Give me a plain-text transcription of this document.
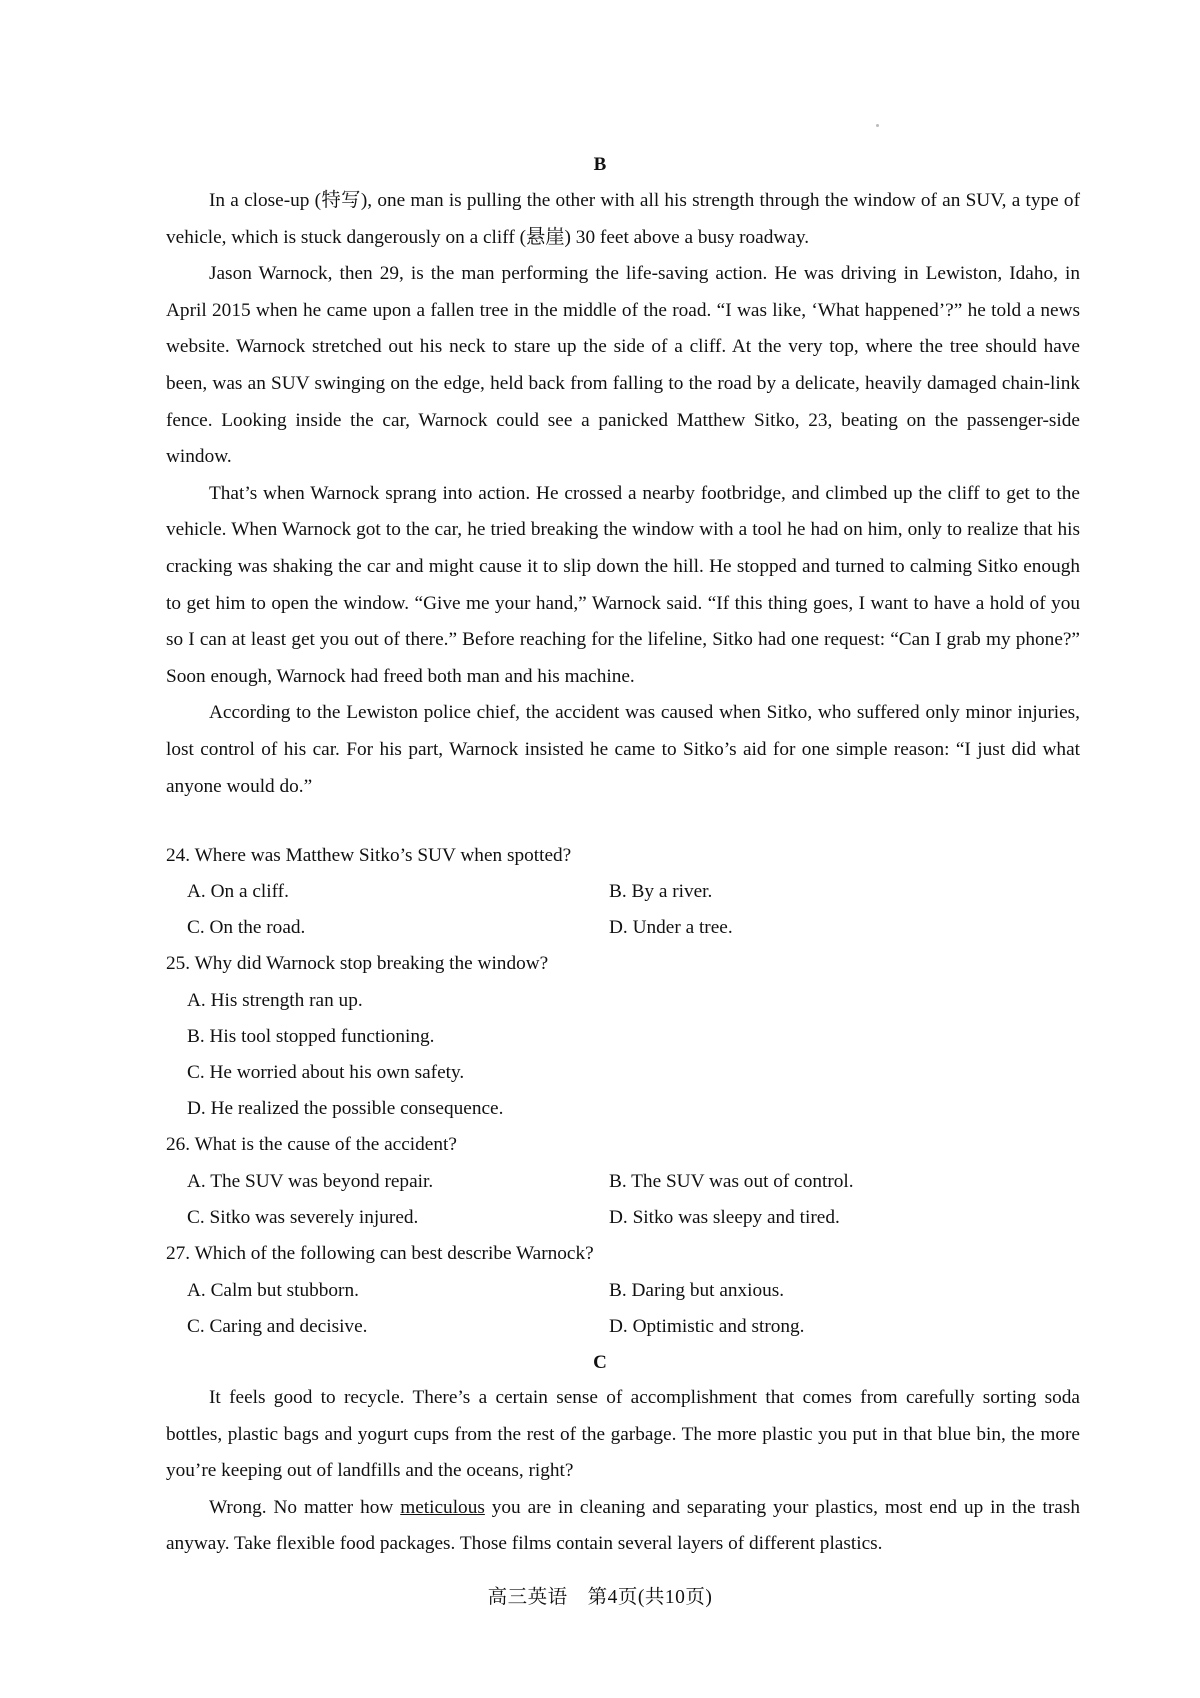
B

In a close-up (特写), one man is pulling the other with all his strength through the window of an SUV, a type of vehicle, which is stuck dangerously on a cliff (悬崖) 30 feet above a busy roadway.

Jason Warnock, then 29, is the man performing the life-saving action. He was driving in Lewiston, Idaho, in April 2015 when he came upon a fallen tree in the middle of the road. “I was like, ‘What happened’?” he told a news website. Warnock stretched out his neck to stare up the side of a cliff. At the very top, where the tree should have been, was an SUV swinging on the edge, held back from falling to the road by a delicate, heavily damaged chain-link fence. Looking inside the car, Warnock could see a panicked Matthew Sitko, 23, beating on the passenger-side window.

That’s when Warnock sprang into action. He crossed a nearby footbridge, and climbed up the cliff to get to the vehicle. When Warnock got to the car, he tried breaking the window with a tool he had on him, only to realize that his cracking was shaking the car and might cause it to slip down the hill. He stopped and turned to calming Sitko enough to get him to open the window. “Give me your hand,” Warnock said. “If this thing goes, I want to have a hold of you so I can at least get you out of there.” Before reaching for the lifeline, Sitko had one request: “Can I grab my phone?” Soon enough, Warnock had freed both man and his machine.

According to the Lewiston police chief, the accident was caused when Sitko, who suffered only minor injuries, lost control of his car. For his part, Warnock insisted he came to Sitko’s aid for one simple reason: “I just did what anyone would do.”

24. Where was Matthew Sitko’s SUV when spotted?
A. On a cliff.	B. By a river.
C. On the road.	D. Under a tree.
25. Why did Warnock stop breaking the window?
A. His strength ran up.
B. His tool stopped functioning.
C. He worried about his own safety.
D. He realized the possible consequence.
26. What is the cause of the accident?
A. The SUV was beyond repair.	B. The SUV was out of control.
C. Sitko was severely injured.	D. Sitko was sleepy and tired.
27. Which of the following can best describe Warnock?
A. Calm but stubborn.	B. Daring but anxious.
C. Caring and decisive.	D. Optimistic and strong.
C

It feels good to recycle. There’s a certain sense of accomplishment that comes from carefully sorting soda bottles, plastic bags and yogurt cups from the rest of the garbage. The more plastic you put in that blue bin, the more you’re keeping out of landfills and the oceans, right?

Wrong. No matter how meticulous you are in cleaning and separating your plastics, most end up in the trash anyway. Take flexible food packages. Those films contain several layers of different plastics.

高三英语　第4页(共10页)
